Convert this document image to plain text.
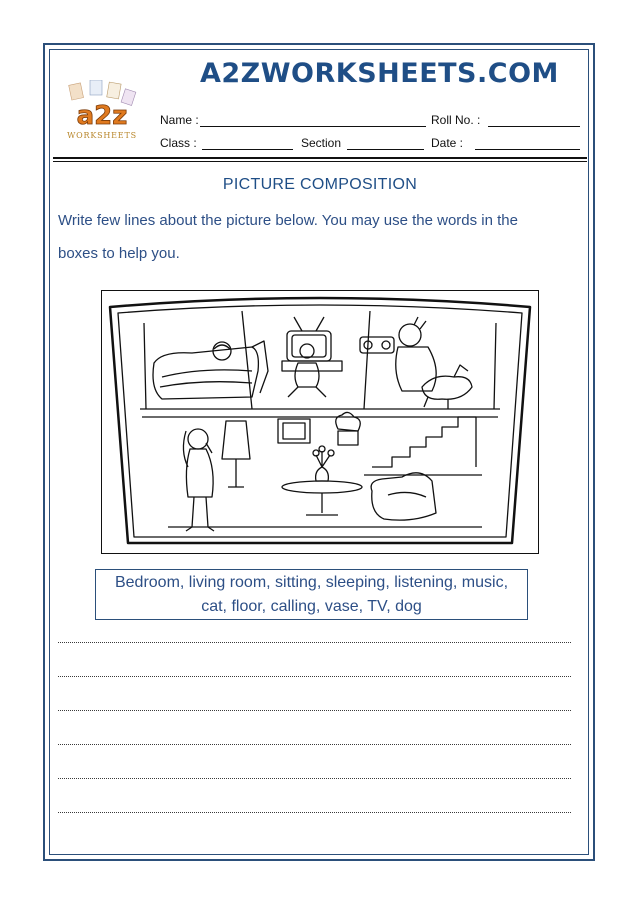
a2z
WORKSHEETS
A2ZWORKSHEETS.COM
Name :	Roll No. :
Class :	Section	Date :
PICTURE COMPOSITION
Write few lines about the picture below. You may use the words in the
boxes to help you.
Bedroom, living room, sitting, sleeping, listening, music,
cat, floor, calling, vase, TV, dog
